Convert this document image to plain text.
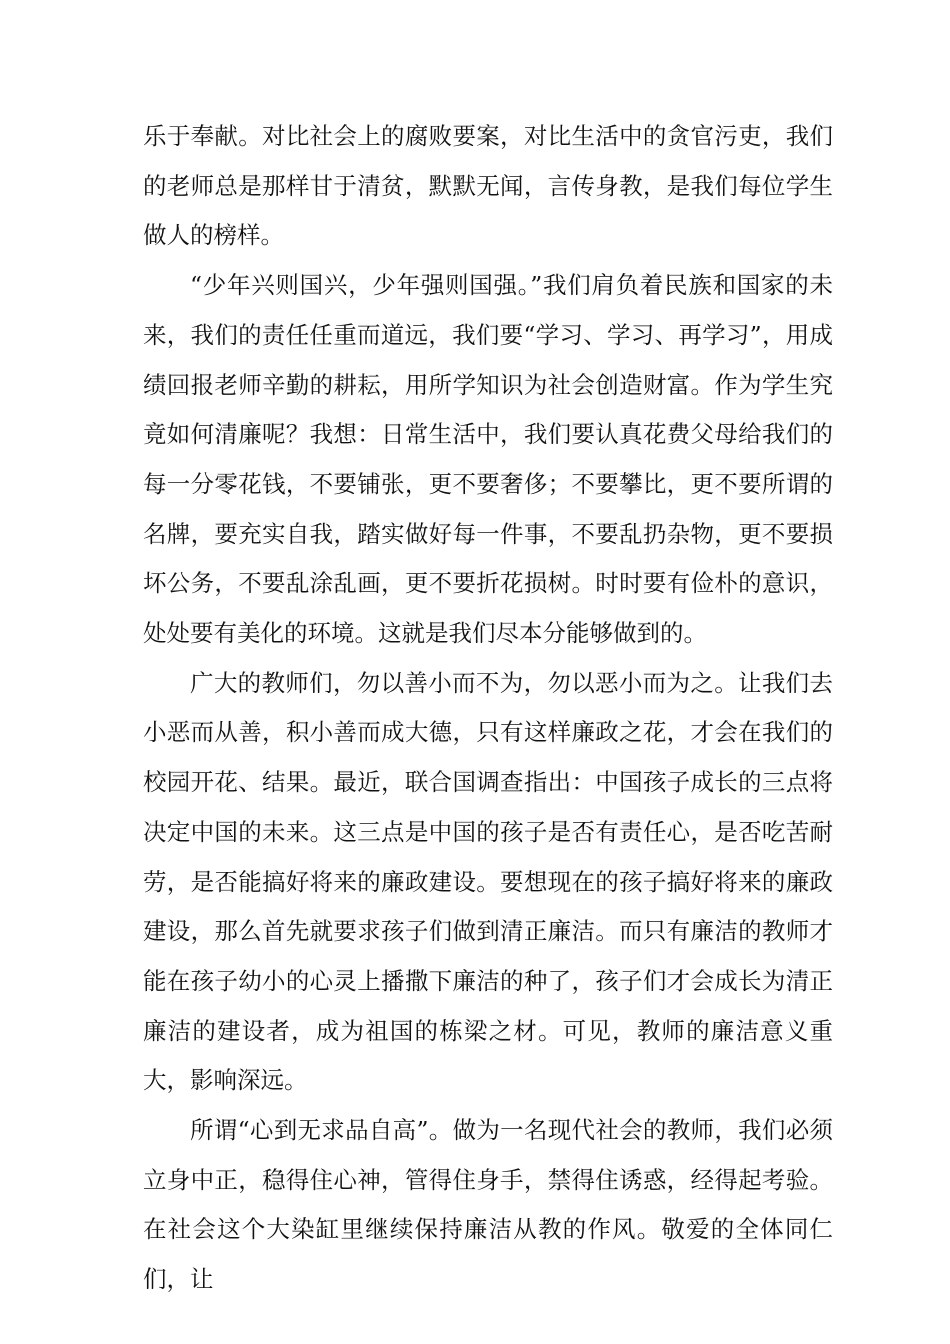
乐于奉献。对比社会上的腐败要案，对比生活中的贪官污吏，我们的老师总是那样甘于清贫，默默无闻，言传身教，是我们每位学生做人的榜样。

“少年兴则国兴，少年强则国强。”我们肩负着民族和国家的未来，我们的责任任重而道远，我们要“学习、学习、再学习”，用成绩回报老师辛勤的耕耘，用所学知识为社会创造财富。作为学生究竟如何清廉呢？我想：日常生活中，我们要认真花费父母给我们的每一分零花钱，不要铺张，更不要奢侈；不要攀比，更不要所谓的名牌，要充实自我，踏实做好每一件事，不要乱扔杂物，更不要损坏公务，不要乱涂乱画，更不要折花损树。时时要有俭朴的意识，处处要有美化的环境。这就是我们尽本分能够做到的。

广大的教师们，勿以善小而不为，勿以恶小而为之。让我们去小恶而从善，积小善而成大德，只有这样廉政之花，才会在我们的校园开花、结果。最近，联合国调查指出：中国孩子成长的三点将决定中国的未来。这三点是中国的孩子是否有责任心，是否吃苦耐劳，是否能搞好将来的廉政建设。要想现在的孩子搞好将来的廉政建设，那么首先就要求孩子们做到清正廉洁。而只有廉洁的教师才能在孩子幼小的心灵上播撒下廉洁的种了，孩子们才会成长为清正廉洁的建设者，成为祖国的栋梁之材。可见，教师的廉洁意义重大，影响深远。

所谓“心到无求品自高”。做为一名现代社会的教师，我们必须立身中正，稳得住心神，管得住身手，禁得住诱惑，经得起考验。在社会这个大染缸里继续保持廉洁从教的作风。敬爱的全体同仁们，让
